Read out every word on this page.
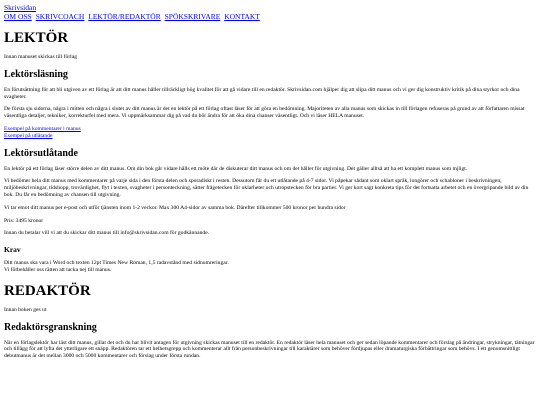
Skrivsidan
OM OSS SKRIVCOACH LEKTÖR/REDAKTÖR SPÖKSKRIVARE KONTAKT
LEKTÖR

Innan manuset skickas till förlag

Lektörsläsning

En förutsättning för att bli utgiven av ett förlag är att ditt manus håller tillräckligt hög kvalitet för att gå vidare till en redaktör. Skrivsidan.com hjälper dig att slipa ditt manus och vi ger dig konstruktiv kritik på dina styrkor och dina svagheter.

De första sju sidorna, några i mitten och några i slutet av ditt manus är det en lektör på ett förlag oftast läser för att göra en bedömning. Majoriteten av alla manus som skickas in till förlagen refuseras på grund av att författaren missat väsentliga detaljer, tekniker, korrekturfel med mera. Vi uppmärksammar dig på vad du bör ändra för att öka dina chanser väsentligt. Och vi läser HELA manuset.

Exempel på kommentarer i manus
Exempel på utlåtande
Lektörsutlåtande

En lektör på ett förlag läser större delen av ditt manus. Om din bok går vidare hålls ett möte där de diskuterar ditt manus och om det håller för utgivning. Det gäller alltså att ha ett komplett manus som mjligt.

Vi bedömer hela ditt manus med kommentarer på varje sida i den första delen och sporadiskt i resten. Dessutom får du ett utlåtande på 4-7 sidor. Vi påpekar sådant som oklart språk, longörer och schabloner i beskrivningen, miljöbeskrivningar, tidshopp, trovärdighet, flyt i texten, svagheter i personteckning, sätter frågetecken för oklarheter och utropstecken för bra partier. Vi ger kort sagt konkreta tips för det fortsatta arbetet och en övergripande bild av din bok. Du får en bedömning av chansen till utgivning.

Vi tar emot ditt manus per e-post och utför tjänsten inom 1-2 veckor. Max 300 A4-sidor av samma bok. Därefter tillkommer 500 kronor per hundra sidor

Pris: 3495 kronor

Innan du betalar vill vi att du skickar ditt manus till info@skrivsidan.com för godkännande.

Krav

Ditt manus ska vara i Word och texten 12pt Times New Roman, 1,5 radavstånd med sidnumreringar.
Vi förbehåller oss rätten att tacka nej till manus.

REDAKTÖR

Innan boken ges ut

Redaktörsgranskning

När en förlagslektör har läst ditt manus, gillat det och du har blivit antagen för utgivning skickas manuset till en redaktör. En redaktör läser hela manuset och ger sedan löpande kommentarer och förslag på ändringar, strykningar, tätningar och tillägg för att lyfta det ytterligare ett snäpp. Redaktören tar ett helhetsgrepp och kommenterar allt från personbeskrivningar till karaktärer som behöver fördjupas eller dramaturgiska förbättringar som behövs. I ett genomsnittligt debutmanus är det mellan 3000 och 5000 kommentarer och förslag under första rundan.
